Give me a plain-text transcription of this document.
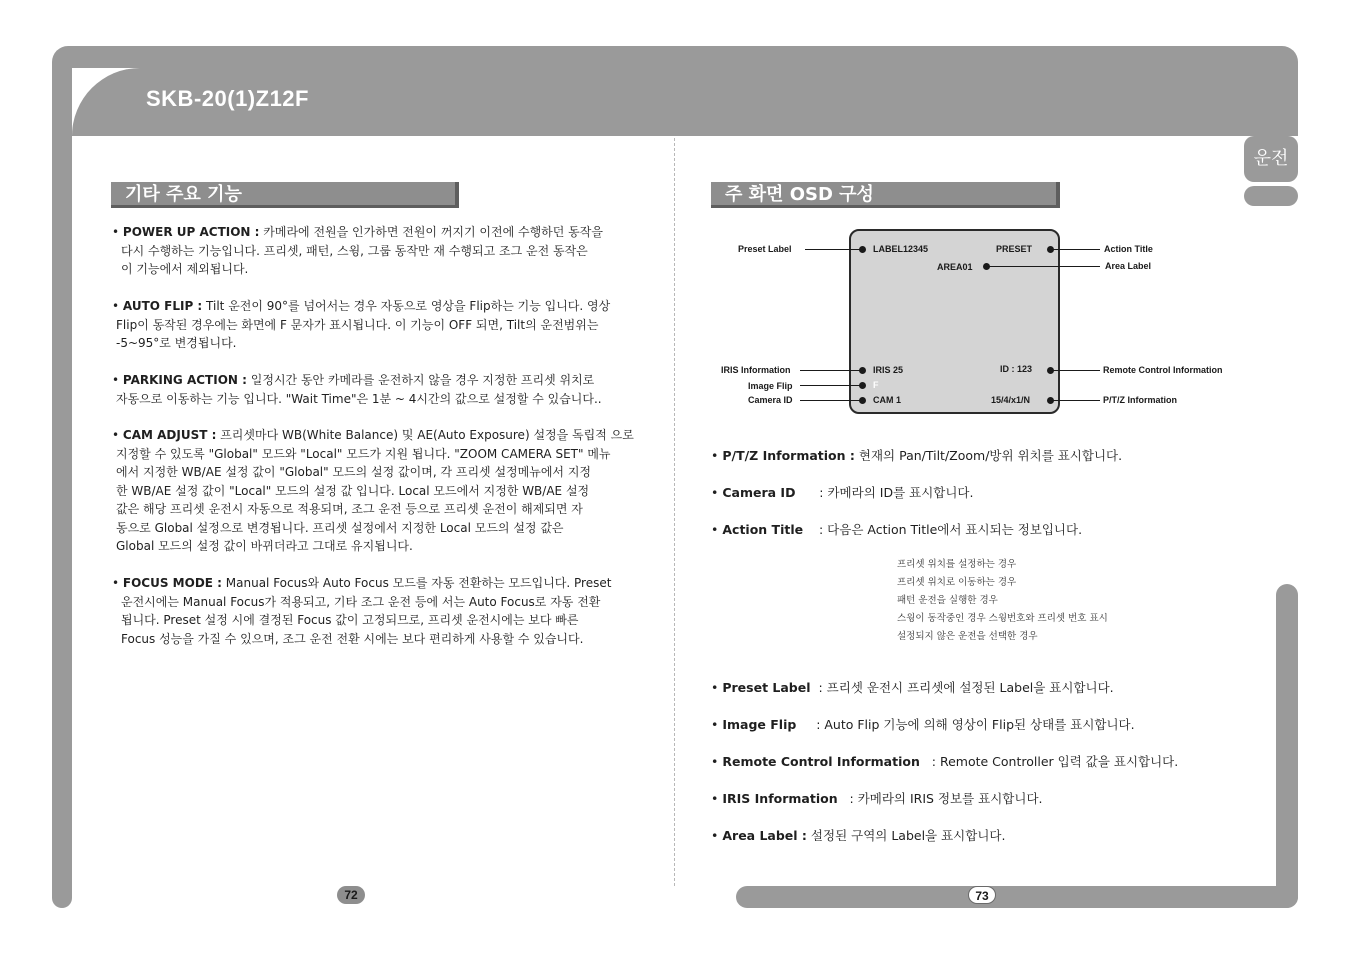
SKB-20(1)Z12F
운전
기타 주요 기능
• POWER UP ACTION : 카메라에 전원을 인가하면 전원이 꺼지기 이전에 수행하던 동작을
다시 수행하는 기능입니다. 프리셋, 패턴, 스윙, 그룹 동작만 재 수행되고 조그 운전 동작은
이 기능에서 제외됩니다.
• AUTO FLIP : Tilt 운전이 90°를 넘어서는 경우 자동으로 영상을 Flip하는 기능 입니다. 영상
Flip이 동작된 경우에는 화면에 F 문자가 표시됩니다. 이 기능이 OFF 되면, Tilt의 운전범위는
-5~95°로 변경됩니다.
• PARKING ACTION : 일정시간 동안 카메라를 운전하지 않을 경우 지정한 프리셋 위치로
자동으로 이동하는 기능 입니다. "Wait Time"은 1분 ~ 4시간의 값으로 설정할 수 있습니다..
• CAM ADJUST : 프리셋마다 WB(White Balance) 및 AE(Auto Exposure) 설정을 독립적 으로
지정할 수 있도록 "Global" 모드와 "Local" 모드가 지원 됩니다. "ZOOM CAMERA SET" 메뉴
에서 지정한 WB/AE 설정 값이 "Global" 모드의 설정 값이며, 각 프리셋 설정메뉴에서 지정
한 WB/AE 설정 값이 "Local" 모드의 설정 값 입니다. Local 모드에서 지정한 WB/AE 설정
값은 해당 프리셋 운전시 자동으로 적용되며, 조그 운전 등으로 프리셋 운전이 해제되면 자
동으로 Global 설정으로 변경됩니다. 프리셋 설정에서 지정한 Local 모드의 설정 값은
Global 모드의 설정 값이 바뀌더라고 그대로 유지됩니다.
• FOCUS MODE : Manual Focus와 Auto Focus 모드를 자동 전환하는 모드입니다. Preset
운전시에는 Manual Focus가 적용되고, 기타 조그 운전 등에 서는 Auto Focus로 자동 전환
됩니다. Preset 설정 시에 결정된 Focus 값이 고정되므로, 프리셋 운전시에는 보다 빠른
Focus 성능을 가질 수 있으며, 조그 운전 전환 시에는 보다 편리하게 사용할 수 있습니다.
72
주 화면 OSD 구성
LABEL12345	PRESET
AREA01
IRIS 25
F
CAM 1
ID : 123
15/4/x1/N
Preset Label	Action Title
Area Label
IRIS Information
Image Flip
Camera ID
Remote Control Information
P/T/Z Information
• P/T/Z Information : 현재의 Pan/Tilt/Zoom/방위 위치를 표시합니다.
• Camera ID : 카메라의 ID를 표시합니다.
• Action Title : 다음은 Action Title에서 표시되는 정보입니다.
프리셋 위치를 설정하는 경우
프리셋 위치로 이동하는 경우
패턴 운전을 실행한 경우
스윙이 동작중인 경우 스윙번호와 프리셋 번호 표시
설정되지 않은 운전을 선택한 경우
• Preset Label : 프리셋 운전시 프리셋에 설정된 Label을 표시합니다.
• Image Flip : Auto Flip 기능에 의해 영상이 Flip된 상태를 표시합니다.
• Remote Control Information : Remote Controller 입력 값을 표시합니다.
• IRIS Information : 카메라의 IRIS 정보를 표시합니다.
• Area Label : 설정된 구역의 Label을 표시합니다.
73
